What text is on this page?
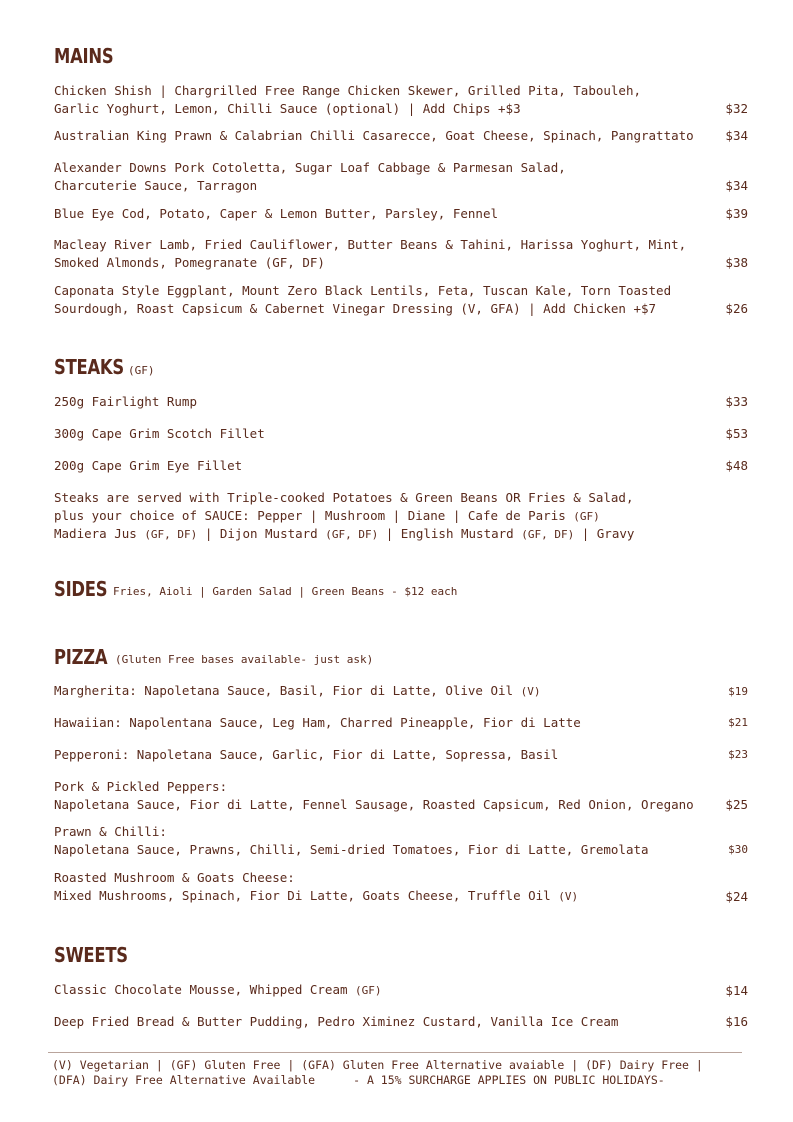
MAINS
Chicken Shish | Chargrilled Free Range Chicken Skewer, Grilled Pita, Tabouleh,
Garlic Yoghurt, Lemon, Chilli Sauce (optional) | Add Chips +$3	$32
Australian King Prawn & Calabrian Chilli Casarecce, Goat Cheese, Spinach, Pangrattato	$34
Alexander Downs Pork Cotoletta, Sugar Loaf Cabbage & Parmesan Salad,
Charcuterie Sauce, Tarragon	$34
Blue Eye Cod, Potato, Caper & Lemon Butter, Parsley, Fennel	$39
Macleay River Lamb, Fried Cauliflower, Butter Beans & Tahini, Harissa Yoghurt, Mint,
Smoked Almonds, Pomegranate (GF, DF)	$38
Caponata Style Eggplant, Mount Zero Black Lentils, Feta, Tuscan Kale, Torn Toasted
Sourdough, Roast Capsicum & Cabernet Vinegar Dressing (V, GFA) | Add Chicken +$7	$26
STEAKS (GF)
250g Fairlight Rump	$33
300g Cape Grim Scotch Fillet	$53
200g Cape Grim Eye Fillet	$48
Steaks are served with Triple-cooked Potatoes & Green Beans OR Fries & Salad,
plus your choice of SAUCE: Pepper | Mushroom | Diane | Cafe de Paris (GF)
Madiera Jus (GF, DF) | Dijon Mustard (GF, DF) | English Mustard (GF, DF) | Gravy
SIDES Fries, Aioli | Garden Salad | Green Beans - $12 each
PIZZA (Gluten Free bases available- just ask)
Margherita: Napoletana Sauce, Basil, Fior di Latte, Olive Oil (V)	$19
Hawaiian: Napolentana Sauce, Leg Ham, Charred Pineapple, Fior di Latte	$21
Pepperoni: Napoletana Sauce, Garlic, Fior di Latte, Sopressa, Basil	$23
Pork & Pickled Peppers:
Napoletana Sauce, Fior di Latte, Fennel Sausage, Roasted Capsicum, Red Onion, Oregano	$25
Prawn & Chilli:
Napoletana Sauce, Prawns, Chilli, Semi-dried Tomatoes, Fior di Latte, Gremolata	$30
Roasted Mushroom & Goats Cheese:
Mixed Mushrooms, Spinach, Fior Di Latte, Goats Cheese, Truffle Oil (V)	$24
SWEETS
Classic Chocolate Mousse, Whipped Cream (GF)	$14
Deep Fried Bread & Butter Pudding, Pedro Ximinez Custard, Vanilla Ice Cream	$16
(V) Vegetarian | (GF) Gluten Free | (GFA) Gluten Free Alternative avaiable | (DF) Dairy Free |
(DFA) Dairy Free Alternative Available	- A 15% SURCHARGE APPLIES ON PUBLIC HOLIDAYS-
